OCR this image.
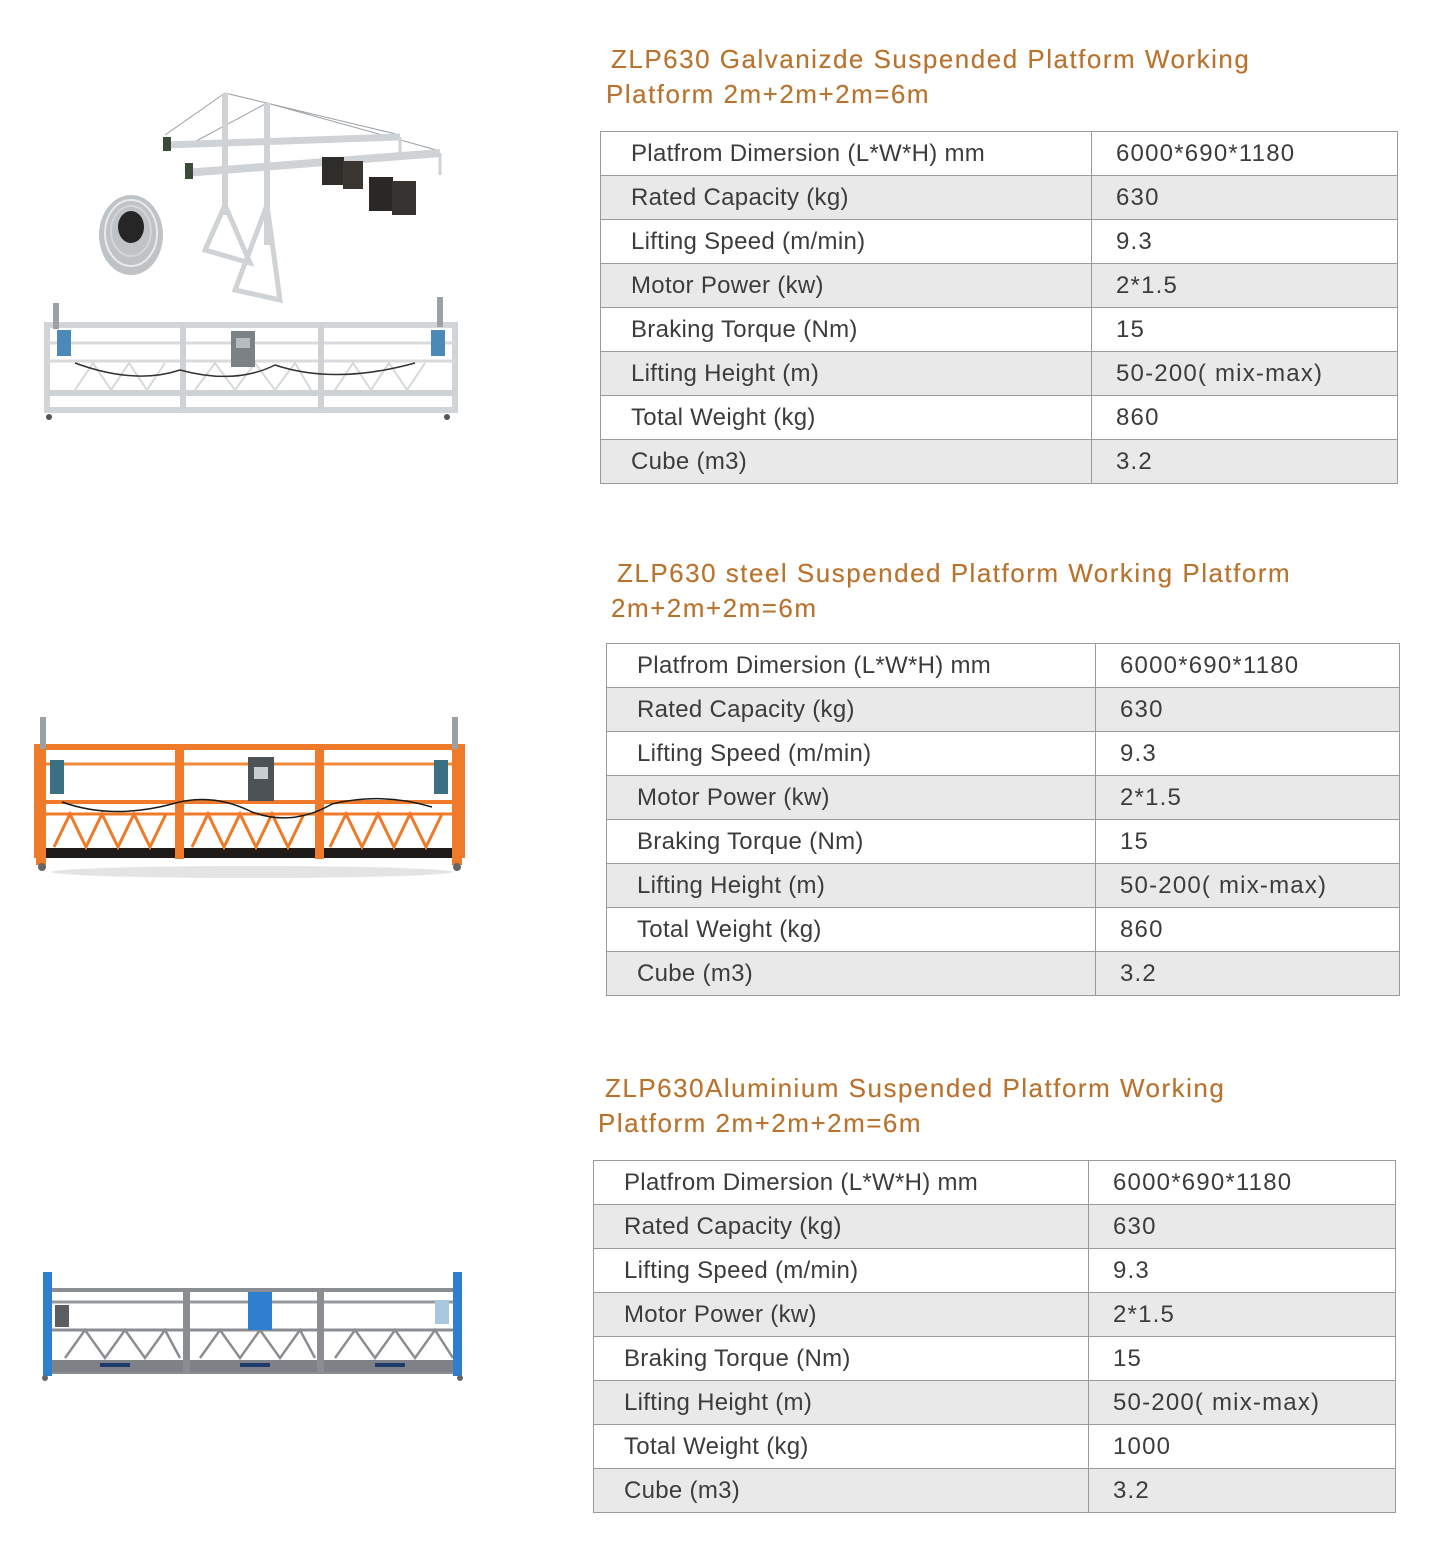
ZLP630 Galvanizde Suspended Platform Working
Platform 2m+2m+2m=6m
Platfrom Dimersion (L*W*H) mm	6000*690*1180
Rated Capacity (kg)	630
Lifting Speed (m/min)	9.3
Motor Power (kw)	2*1.5
Braking Torque (Nm)	15
Lifting Height (m)	50-200( mix-max)
Total Weight (kg)	860
Cube (m3)	3.2
ZLP630 steel Suspended Platform Working Platform
2m+2m+2m=6m
Platfrom Dimersion (L*W*H) mm	6000*690*1180
Rated Capacity (kg)	630
Lifting Speed (m/min)	9.3
Motor Power (kw)	2*1.5
Braking Torque (Nm)	15
Lifting Height (m)	50-200( mix-max)
Total Weight (kg)	860
Cube (m3)	3.2
ZLP630Aluminium Suspended Platform Working
Platform 2m+2m+2m=6m
Platfrom Dimersion (L*W*H) mm	6000*690*1180
Rated Capacity (kg)	630
Lifting Speed (m/min)	9.3
Motor Power (kw)	2*1.5
Braking Torque (Nm)	15
Lifting Height (m)	50-200( mix-max)
Total Weight (kg)	1000
Cube (m3)	3.2
